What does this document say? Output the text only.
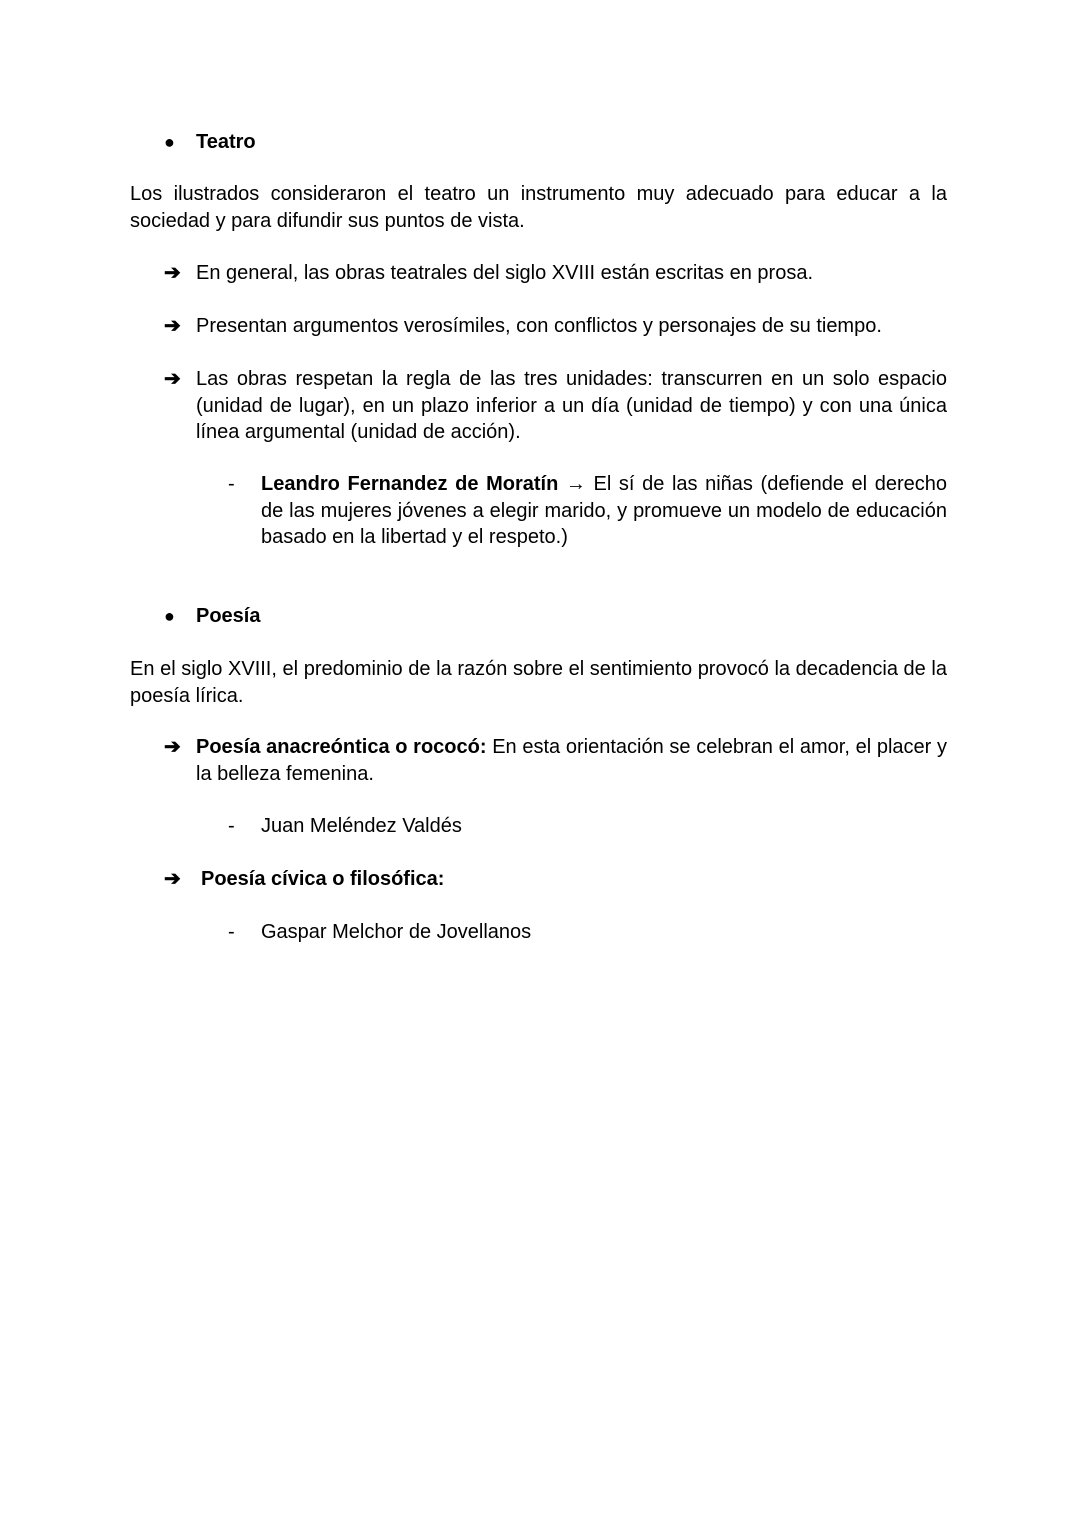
● Teatro
Los ilustrados consideraron el teatro un instrumento muy adecuado para educar a la sociedad y para difundir sus puntos de vista.
➔ En general, las obras teatrales del siglo XVIII están escritas en prosa.
➔ Presentan argumentos verosímiles, con conflictos y personajes de su tiempo.
➔ Las obras respetan la regla de las tres unidades: transcurren en un solo espacio (unidad de lugar), en un plazo inferior a un día (unidad de tiempo) y con una única línea argumental (unidad de acción).
- Leandro Fernandez de Moratín → El sí de las niñas (defiende el derecho de las mujeres jóvenes a elegir marido, y promueve un modelo de educación basado en la libertad y el respeto.)
● Poesía
En el siglo XVIII, el predominio de la razón sobre el sentimiento provocó la decadencia de la poesía lírica.
➔ Poesía anacreóntica o rococó: En esta orientación se celebran el amor, el placer y la belleza femenina.
- Juan Meléndez Valdés
➔ Poesía cívica o filosófica:
- Gaspar Melchor de Jovellanos
